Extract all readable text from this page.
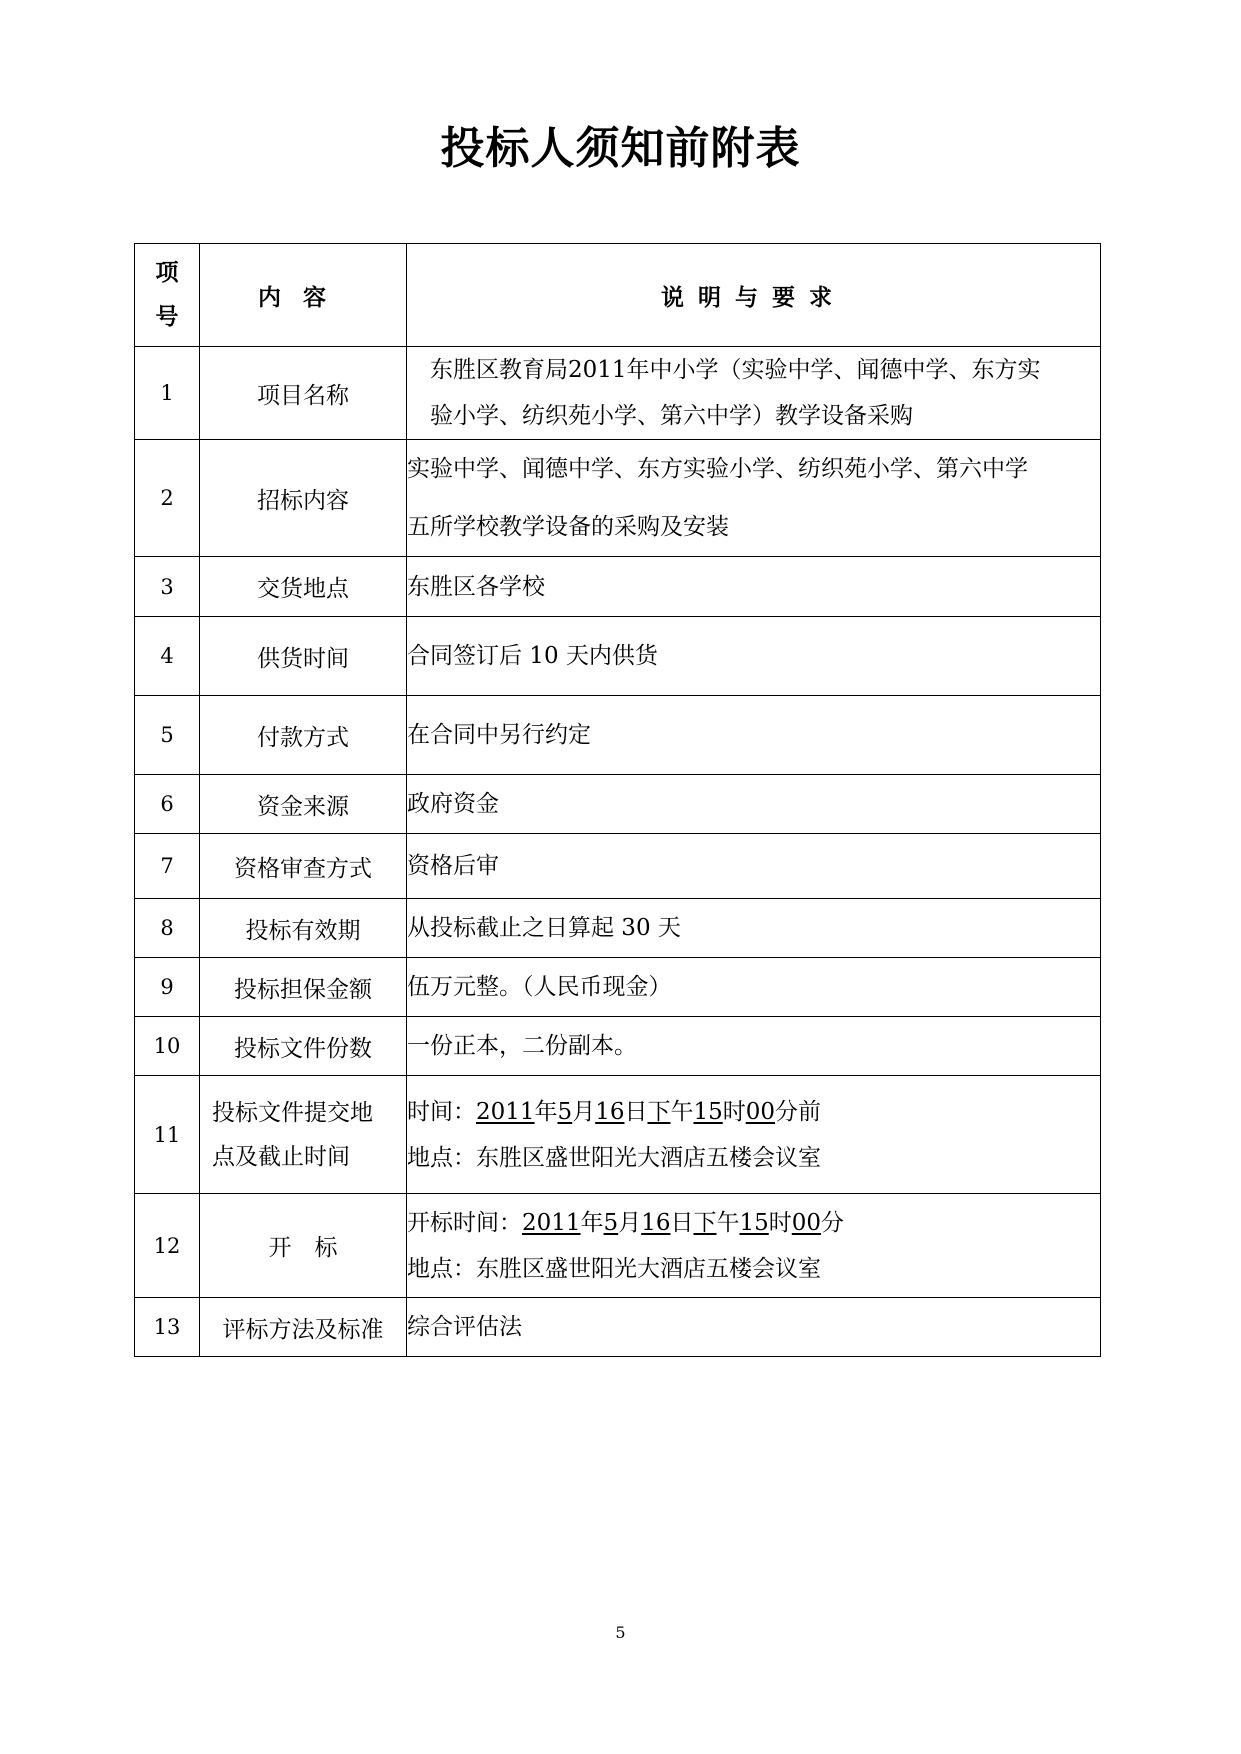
投标人须知前附表
项
号	内容	说明与要求
1	项目名称	东胜区教育局2011年中小学（实验中学、闻德中学、东方实
验小学、纺织苑小学、第六中学）教学设备采购

2	招标内容	实验中学、闻德中学、东方实验小学、纺织苑小学、第六中学
五所学校教学设备的采购及安装

3	交货地点	东胜区各学校
4	供货时间	合同签订后 10 天内供货
5	付款方式	在合同中另行约定
6	资金来源	政府资金
7	资格审查方式	资格后审
8	投标有效期	从投标截止之日算起 30 天
9	投标担保金额	伍万元整。（人民币现金）
10	投标文件份数	一份正本，二份副本。
11	投标文件提交地
点及截止时间	时间：2011年5月16日下午15时00分前
地点：东胜区盛世阳光大酒店五楼会议室

12	开　标	开标时间：2011年5月16日下午15时00分
地点：东胜区盛世阳光大酒店五楼会议室

13	评标方法及标准	综合评估法
5
